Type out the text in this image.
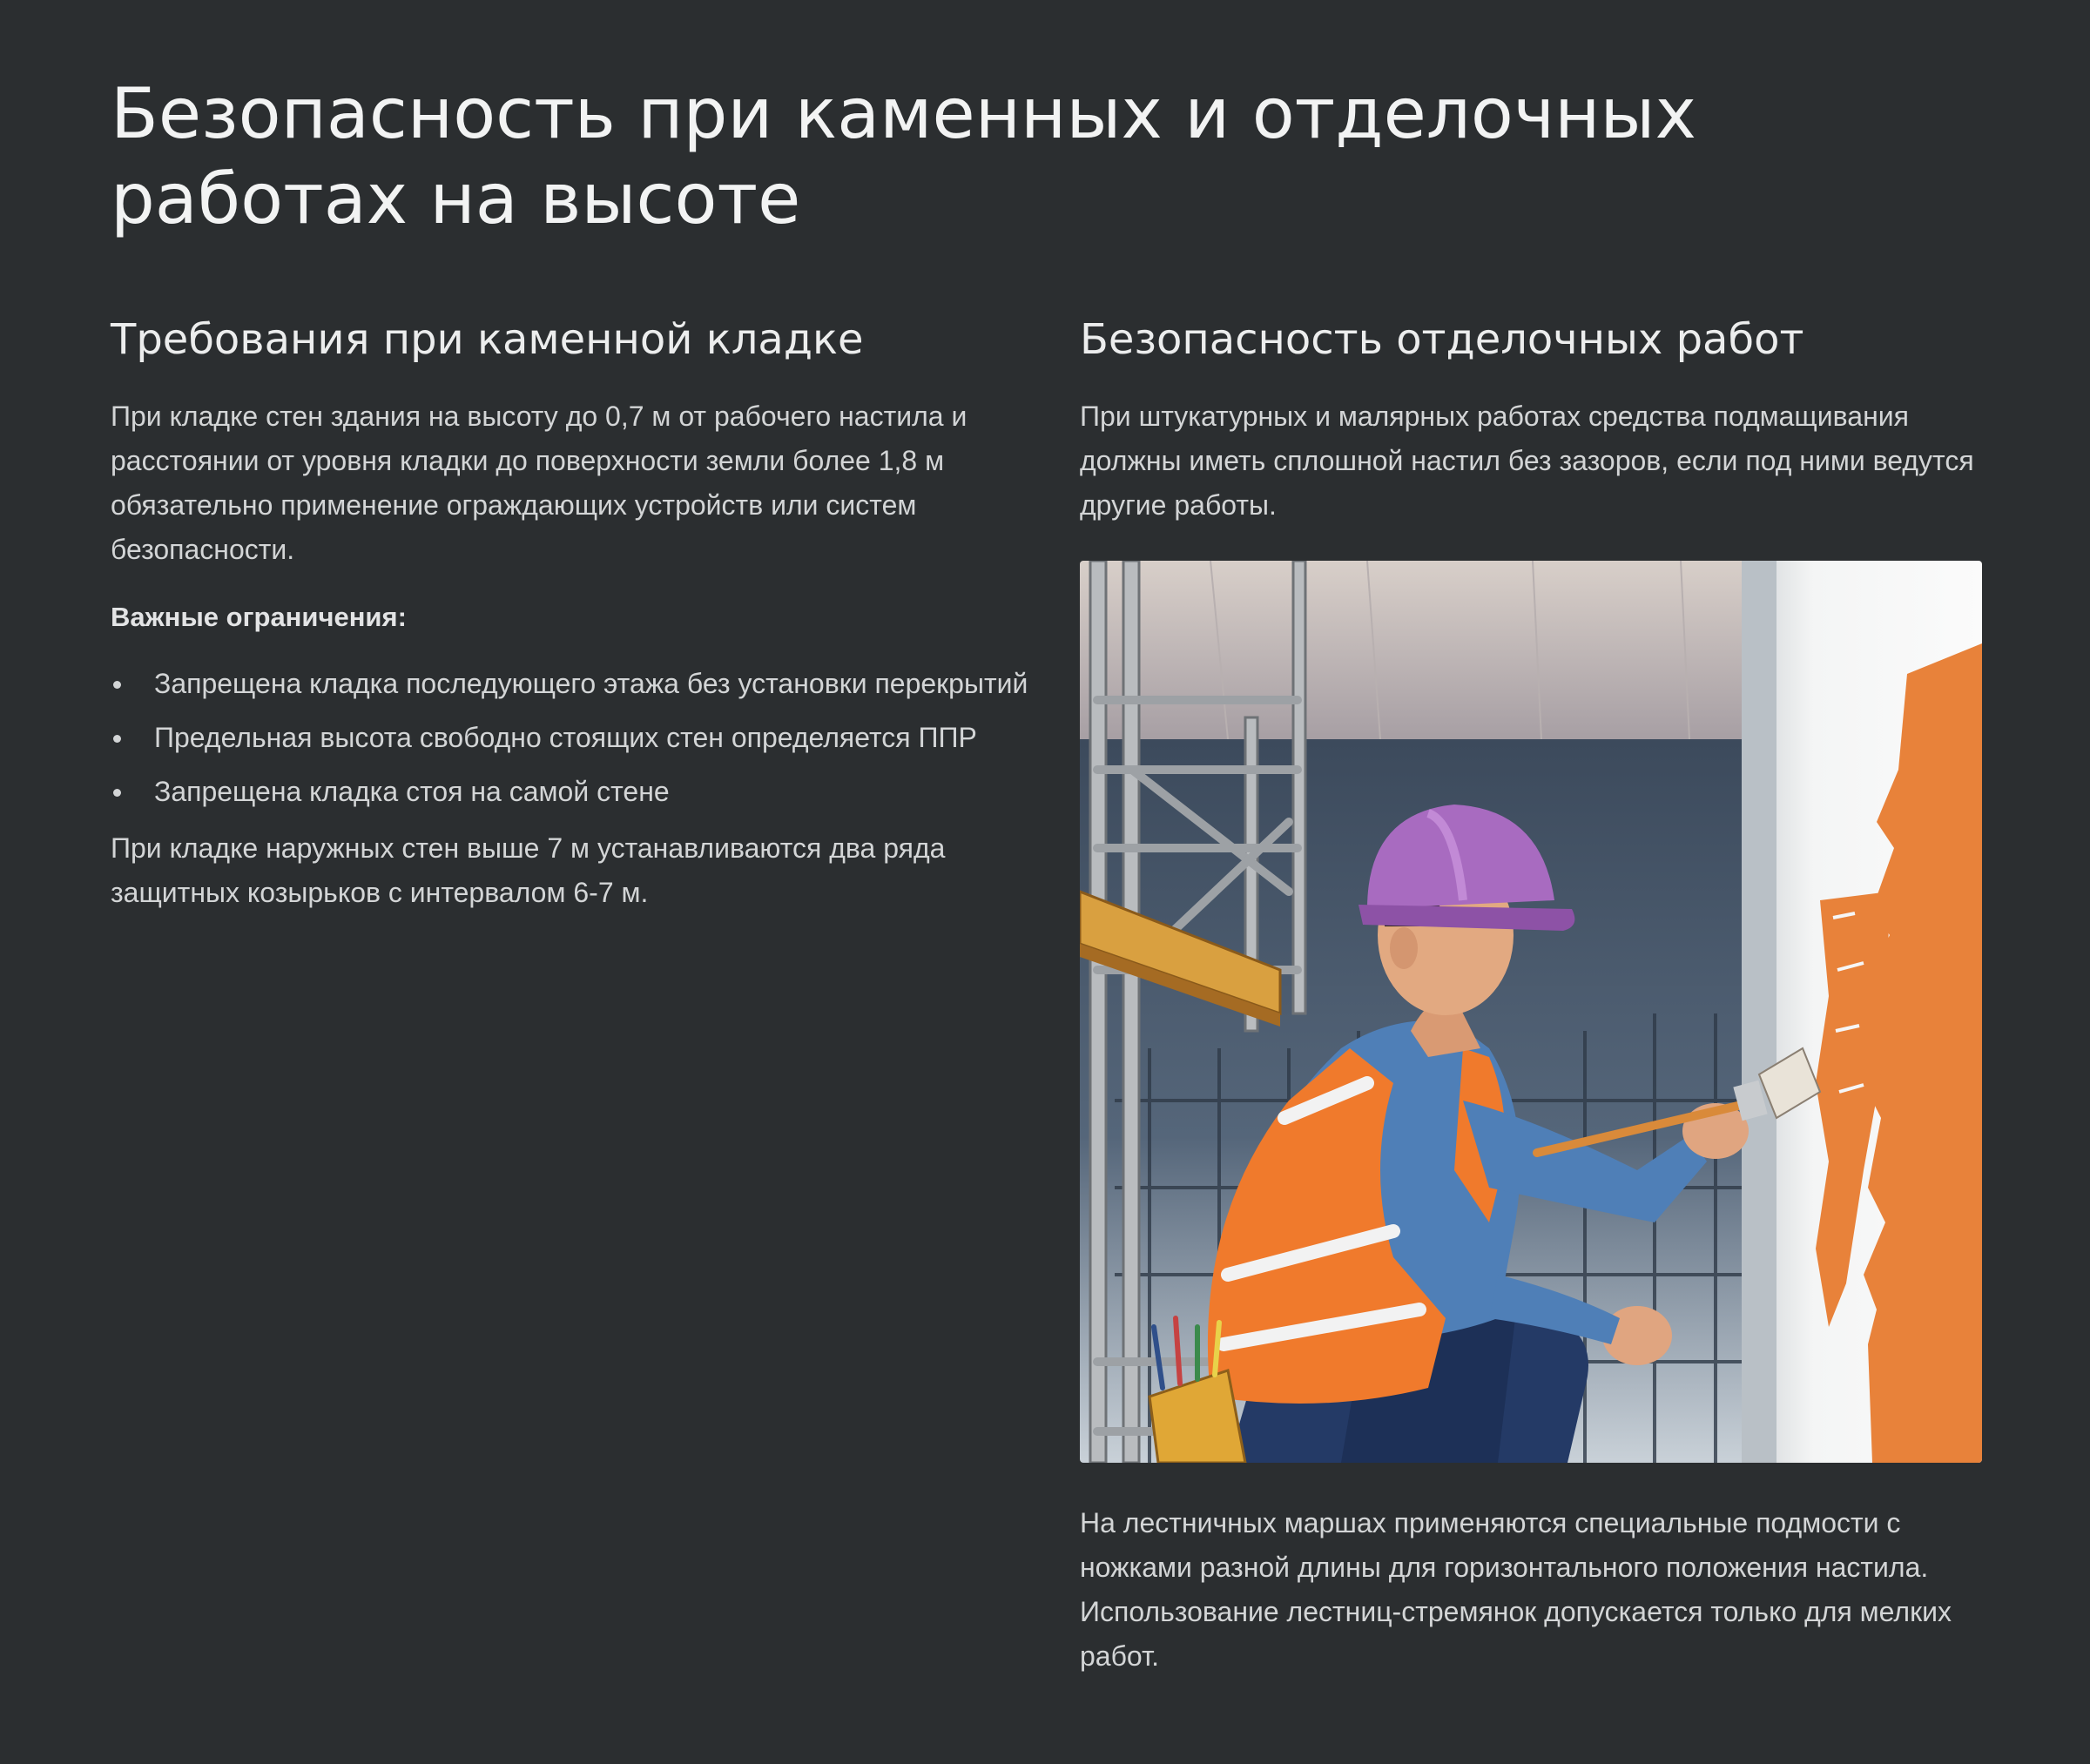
Безопасность при каменных и отделочных работах на высоте
Требования при каменной кладке

При кладке стен здания на высоту до 0,7 м от рабочего настила и расстоянии от уровня кладки до поверхности земли более 1,8 м обязательно применение ограждающих устройств или систем безопасности.

Важные ограничения:

Запрещена кладка последующего этажа без установки перекрытий
Предельная высота свободно стоящих стен определяется ППР
Запрещена кладка стоя на самой стене

При кладке наружных стен выше 7 м устанавливаются два ряда защитных козырьков с интервалом 6-7 м.

Безопасность отделочных работ

При штукатурных и малярных работах средства подмащивания должны иметь сплошной настил без зазоров, если под ними ведутся другие работы.

На лестничных маршах применяются специальные подмости с ножками разной длины для горизонтального положения настила. Использование лестниц-стремянок допускается только для мелких работ.
